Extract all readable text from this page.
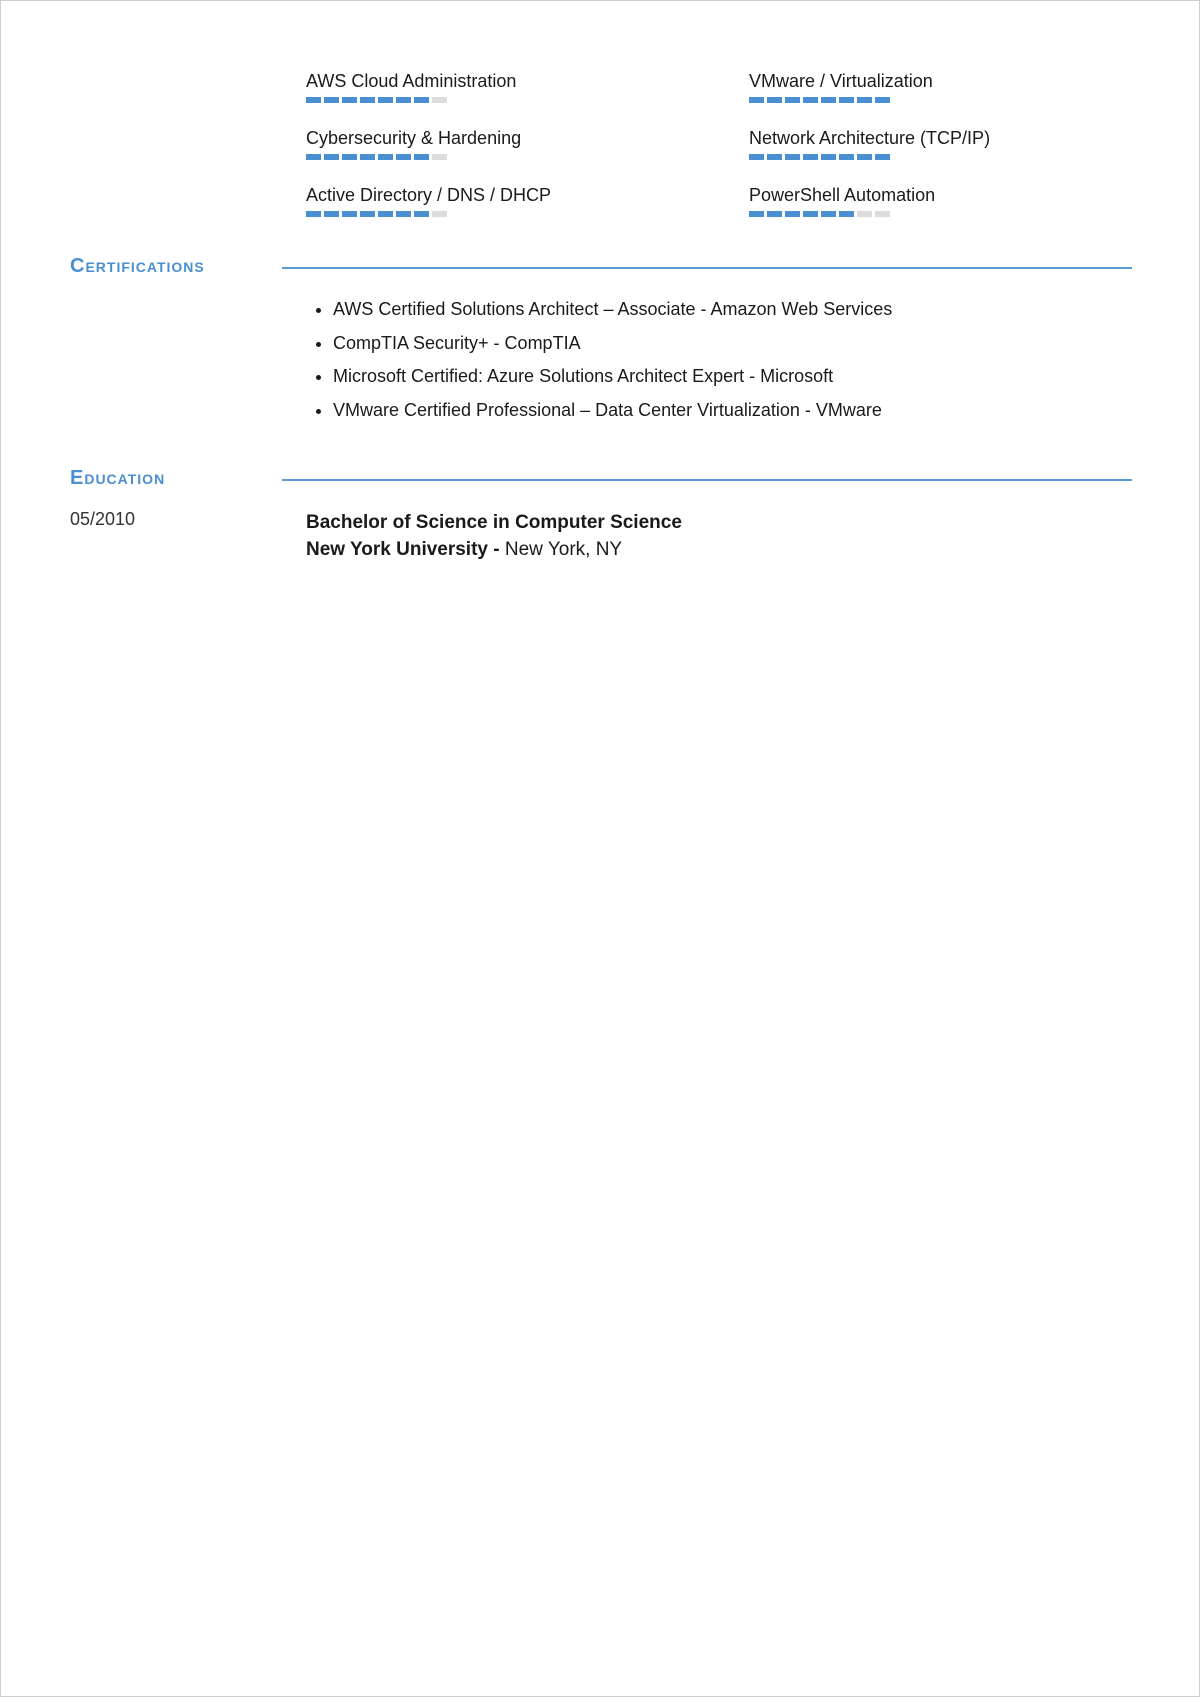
AWS Cloud Administration	VMware / Virtualization
Cybersecurity & Hardening	Network Architecture (TCP/IP)
Active Directory / DNS / DHCP	PowerShell Automation
Certifications
• AWS Certified Solutions Architect – Associate - Amazon Web Services
• CompTIA Security+ - CompTIA
• Microsoft Certified: Azure Solutions Architect Expert - Microsoft
• VMware Certified Professional – Data Center Virtualization - VMware
Education
05/2010	Bachelor of Science in Computer Science
New York University - New York, NY
